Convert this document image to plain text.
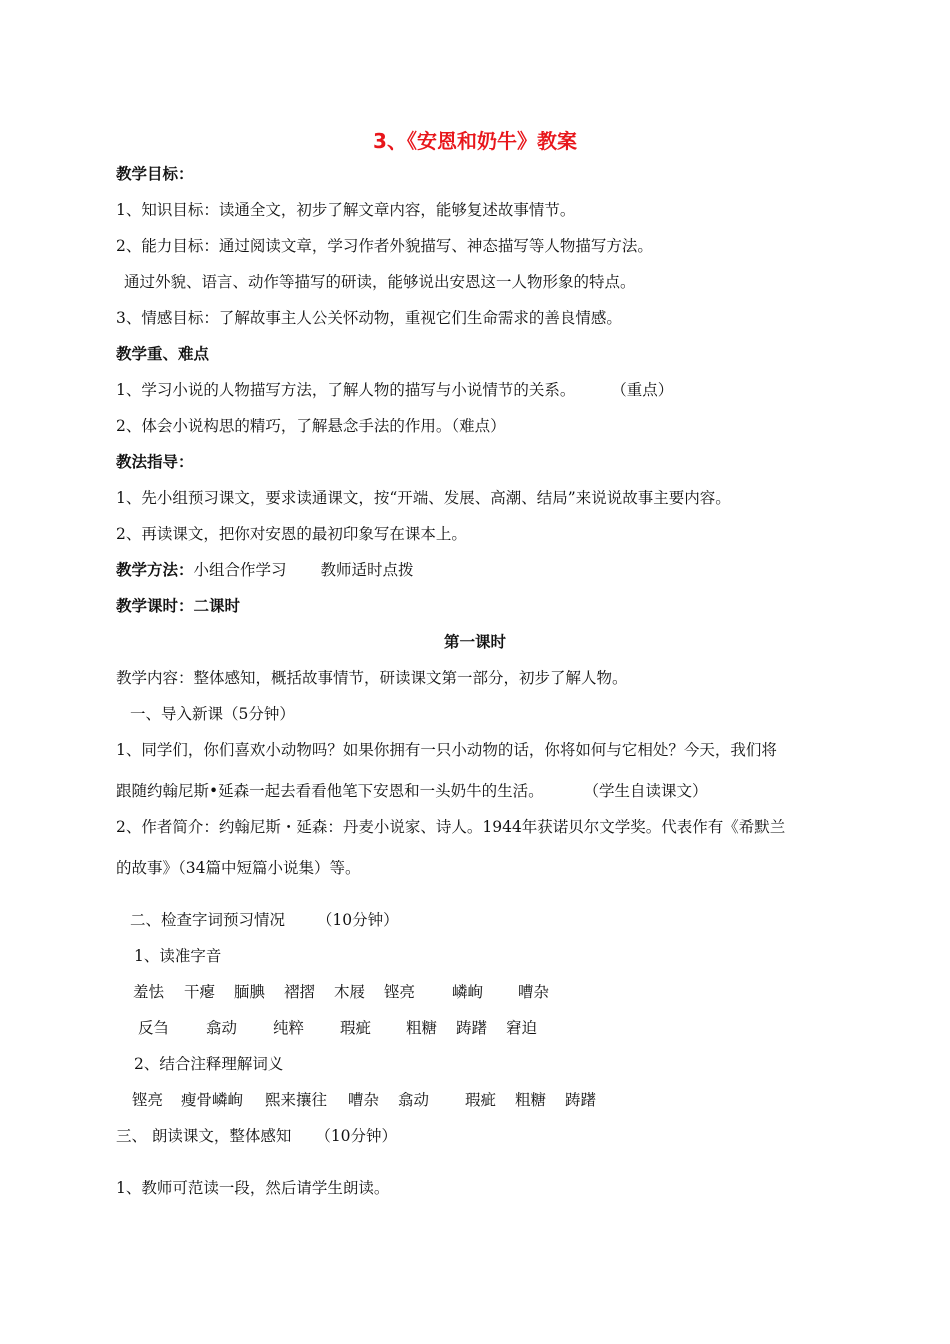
3、《安恩和奶牛》教案
教学目标：
1、知识目标：读通全文，初步了解文章内容，能够复述故事情节。
2、能力目标：通过阅读文章，学习作者外貌描写、神态描写等人物描写方法。
通过外貌、语言、动作等描写的研读，能够说出安恩这一人物形象的特点。
3、情感目标：了解故事主人公关怀动物，重视它们生命需求的善良情感。
教学重、难点
1、学习小说的人物描写方法，了解人物的描写与小说情节的关系。 （重点）
2、体会小说构思的精巧，了解悬念手法的作用。（难点）
教法指导：
1、先小组预习课文，要求读通课文，按“开端、发展、高潮、结局”来说说故事主要内容。
2、再读课文，把你对安恩的最初印象写在课本上。
教学方法：小组合作学习 教师适时点拨
教学课时：二课时
第一课时
教学内容：整体感知，概括故事情节，研读课文第一部分，初步了解人物。
一、导入新课（5分钟）
1、同学们，你们喜欢小动物吗？如果你拥有一只小动物的话，你将如何与它相处？今天，我们将
跟随约翰尼斯•延森一起去看看他笔下安恩和一头奶牛的生活。	（学生自读课文）
2、作者简介：约翰尼斯・延森：丹麦小说家、诗人。1944年获诺贝尔文学奖。代表作有《希默兰
的故事》（34篇中短篇小说集）等。
二、检查字词预习情况 （10分钟）
1、读准字音
羞怯 干瘪 腼腆 褶摺 木屐 铿亮 嶙峋 嘈杂
反刍 翕动 纯粹 瑕疵 粗糖 踌躇 窘迫
2、结合注释理解词义
铿亮 瘦骨嶙峋 熙来攘往 嘈杂 翕动 瑕疵 粗糖 踌躇
三、 朗读课文，整体感知 （10分钟）
1、教师可范读一段，然后请学生朗读。
